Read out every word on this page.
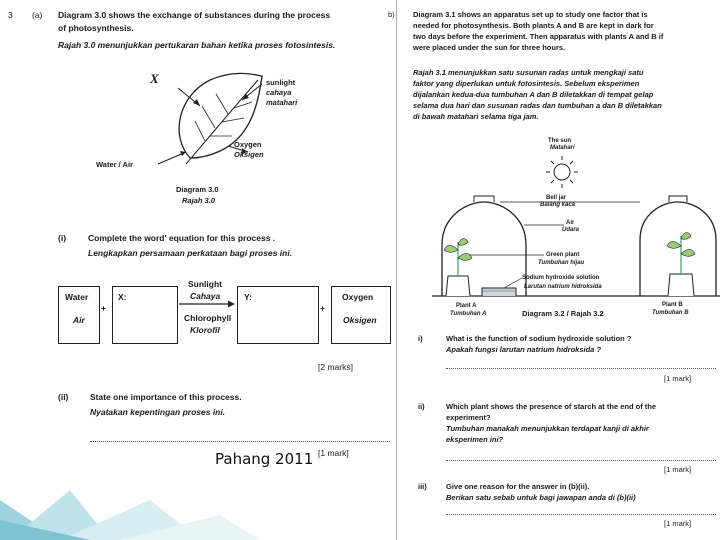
3 (a) Diagram 3.0 shows the exchange of substances during the process
of photosynthesis.
Rajah 3.0 menunjukkan pertukaran bahan ketika proses fotosintesis.
X	sunlight
cahaya
matahari
Oxygen
Oksigen
Water / Air
Diagram 3.0
Rajah 3.0
(i)	Complete the word' equation for this process .
Lengkapkan persamaan perkataan bagi proses ini.
Water
Air
+
X:
Sunlight
Cahaya
Chlorophyll
Klorofil
Y:
+
Oxygen
Oksigen
[2 marks]
(ii)	State one importance of this process.
Nyatakan kepentingan proses ini.
[1 mark]
Pahang 2011
b) Diagram 3.1 shows an apparatus set up to study one factor that is
needed for photosynthesis. Both plants A and B are kept in dark for
two days before the experiment. Then apparatus with plants A and B if
were placed under the sun for three hours.
Rajah 3.1 menunjukkan satu susunan radas untuk mengkaji satu
faktor yang diperlukan untuk fotosintesis. Sebelum eksperimen
dijalankan kedua-dua tumbuhan A dan B diletakkan di tempat gelap
selama dua hari dan susunan radas dan tumbuhan a dan B diletakkan
di bawah matahari selama tiga jam.
The sun
Matahari
Bell jar
Balang kaca
Air
Udara
Green plant
Tumbuhan hijau
Sodium hydroxide solution
Larutan natrium hidroksida
Plant A
Tumbuhan A
Plant B
Tumbuhan B
Diagram 3.2 / Rajah 3.2
i)	What is the function of sodium hydroxide solution ?
Apakah fungsi larutan natrium hidroksida ?
[1 mark]
ii)	Which plant shows the presence of starch at the end of the
experiment?
Tumbuhan manakah menunjukkan terdapat kanji di akhir
eksperimen ini?
[1 mark]
iii)	Give one reason for the answer in (b)(ii).
Berikan satu sebab untuk bagi jawapan anda di (b)(ii)
[1 mark]
